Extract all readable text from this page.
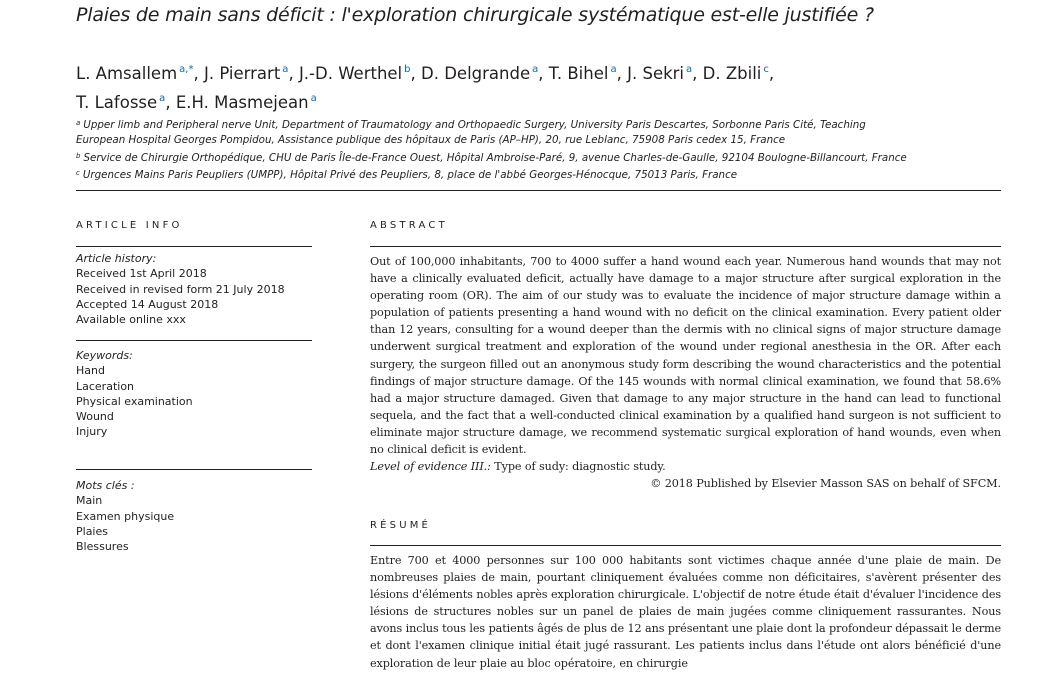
Plaies de main sans déficit : l'exploration chirurgicale systématique est-elle justifiée ?
L. Amsallem $^{a,*}$, J. Pierrart $^a$, J.-D. Werthel $^b$, D. Delgrande $^a$, T. Bihel $^a$, J. Sekri $^a$, D. Zbili $^c$,
T. Lafosse $^a$, E.H. Masmejean $^a$
$^a$ Upper limb and Peripheral nerve Unit, Department of Traumatology and Orthopaedic Surgery, University Paris Descartes, Sorbonne Paris Cité, Teaching
European Hospital Georges Pompidou, Assistance publique des hôpitaux de Paris (AP–HP), 20, rue Leblanc, 75908 Paris cedex 15, France
$^b$ Service de Chirurgie Orthopédique, CHU de Paris Île-de-France Ouest, Hôpital Ambroise-Paré, 9, avenue Charles-de-Gaulle, 92104 Boulogne-Billancourt, France
$^c$ Urgences Mains Paris Peupliers (UMPP), Hôpital Privé des Peupliers, 8, place de l'abbé Georges-Hénocque, 75013 Paris, France
ARTICLE INFO	ABSTRACT
Article history:
Received 1st April 2018
Received in revised form 21 July 2018
Accepted 14 August 2018
Available online xxx
Keywords:
Hand
Laceration
Physical examination
Wound
Injury
Mots clés :
Main
Examen physique
Plaies
Blessures

Out of 100,000 inhabitants, 700 to 4000 suffer a hand wound each year. Numerous hand wounds that may not have a clinically evaluated deficit, actually have damage to a major structure after surgical exploration in the operating room (OR). The aim of our study was to evaluate the incidence of major structure damage within a population of patients presenting a hand wound with no deficit on the clinical examination. Every patient older than 12 years, consulting for a wound deeper than the dermis with no clinical signs of major structure damage underwent surgical treatment and exploration of the wound under regional anesthesia in the OR. After each surgery, the surgeon filled out an anonymous study form describing the wound characteristics and the potential findings of major structure damage. Of the 145 wounds with normal clinical examination, we found that 58.6% had a major structure damaged. Given that damage to any major structure in the hand can lead to functional sequela, and the fact that a well-conducted clinical examination by a qualified hand surgeon is not sufficient to eliminate major structure damage, we recommend systematic surgical exploration of hand wounds, even when no clinical deficit is evident.

Level of evidence III.: Type of sudy: diagnostic study.
© 2018 Published by Elsevier Masson SAS on behalf of SFCM.
RÉSUMÉ

Entre 700 et 4000 personnes sur 100 000 habitants sont victimes chaque année d'une plaie de main. De nombreuses plaies de main, pourtant cliniquement évaluées comme non déficitaires, s'avèrent présenter des lésions d'éléments nobles après exploration chirurgicale. L'objectif de notre étude était d'évaluer l'incidence des lésions de structures nobles sur un panel de plaies de main jugées comme cliniquement rassurantes. Nous avons inclus tous les patients âgés de plus de 12 ans présentant une plaie dont la profondeur dépassait le derme et dont l'examen clinique initial était jugé rassurant. Les patients inclus dans l'étude ont alors bénéficié d'une exploration de leur plaie au bloc opératoire, en chirurgie
